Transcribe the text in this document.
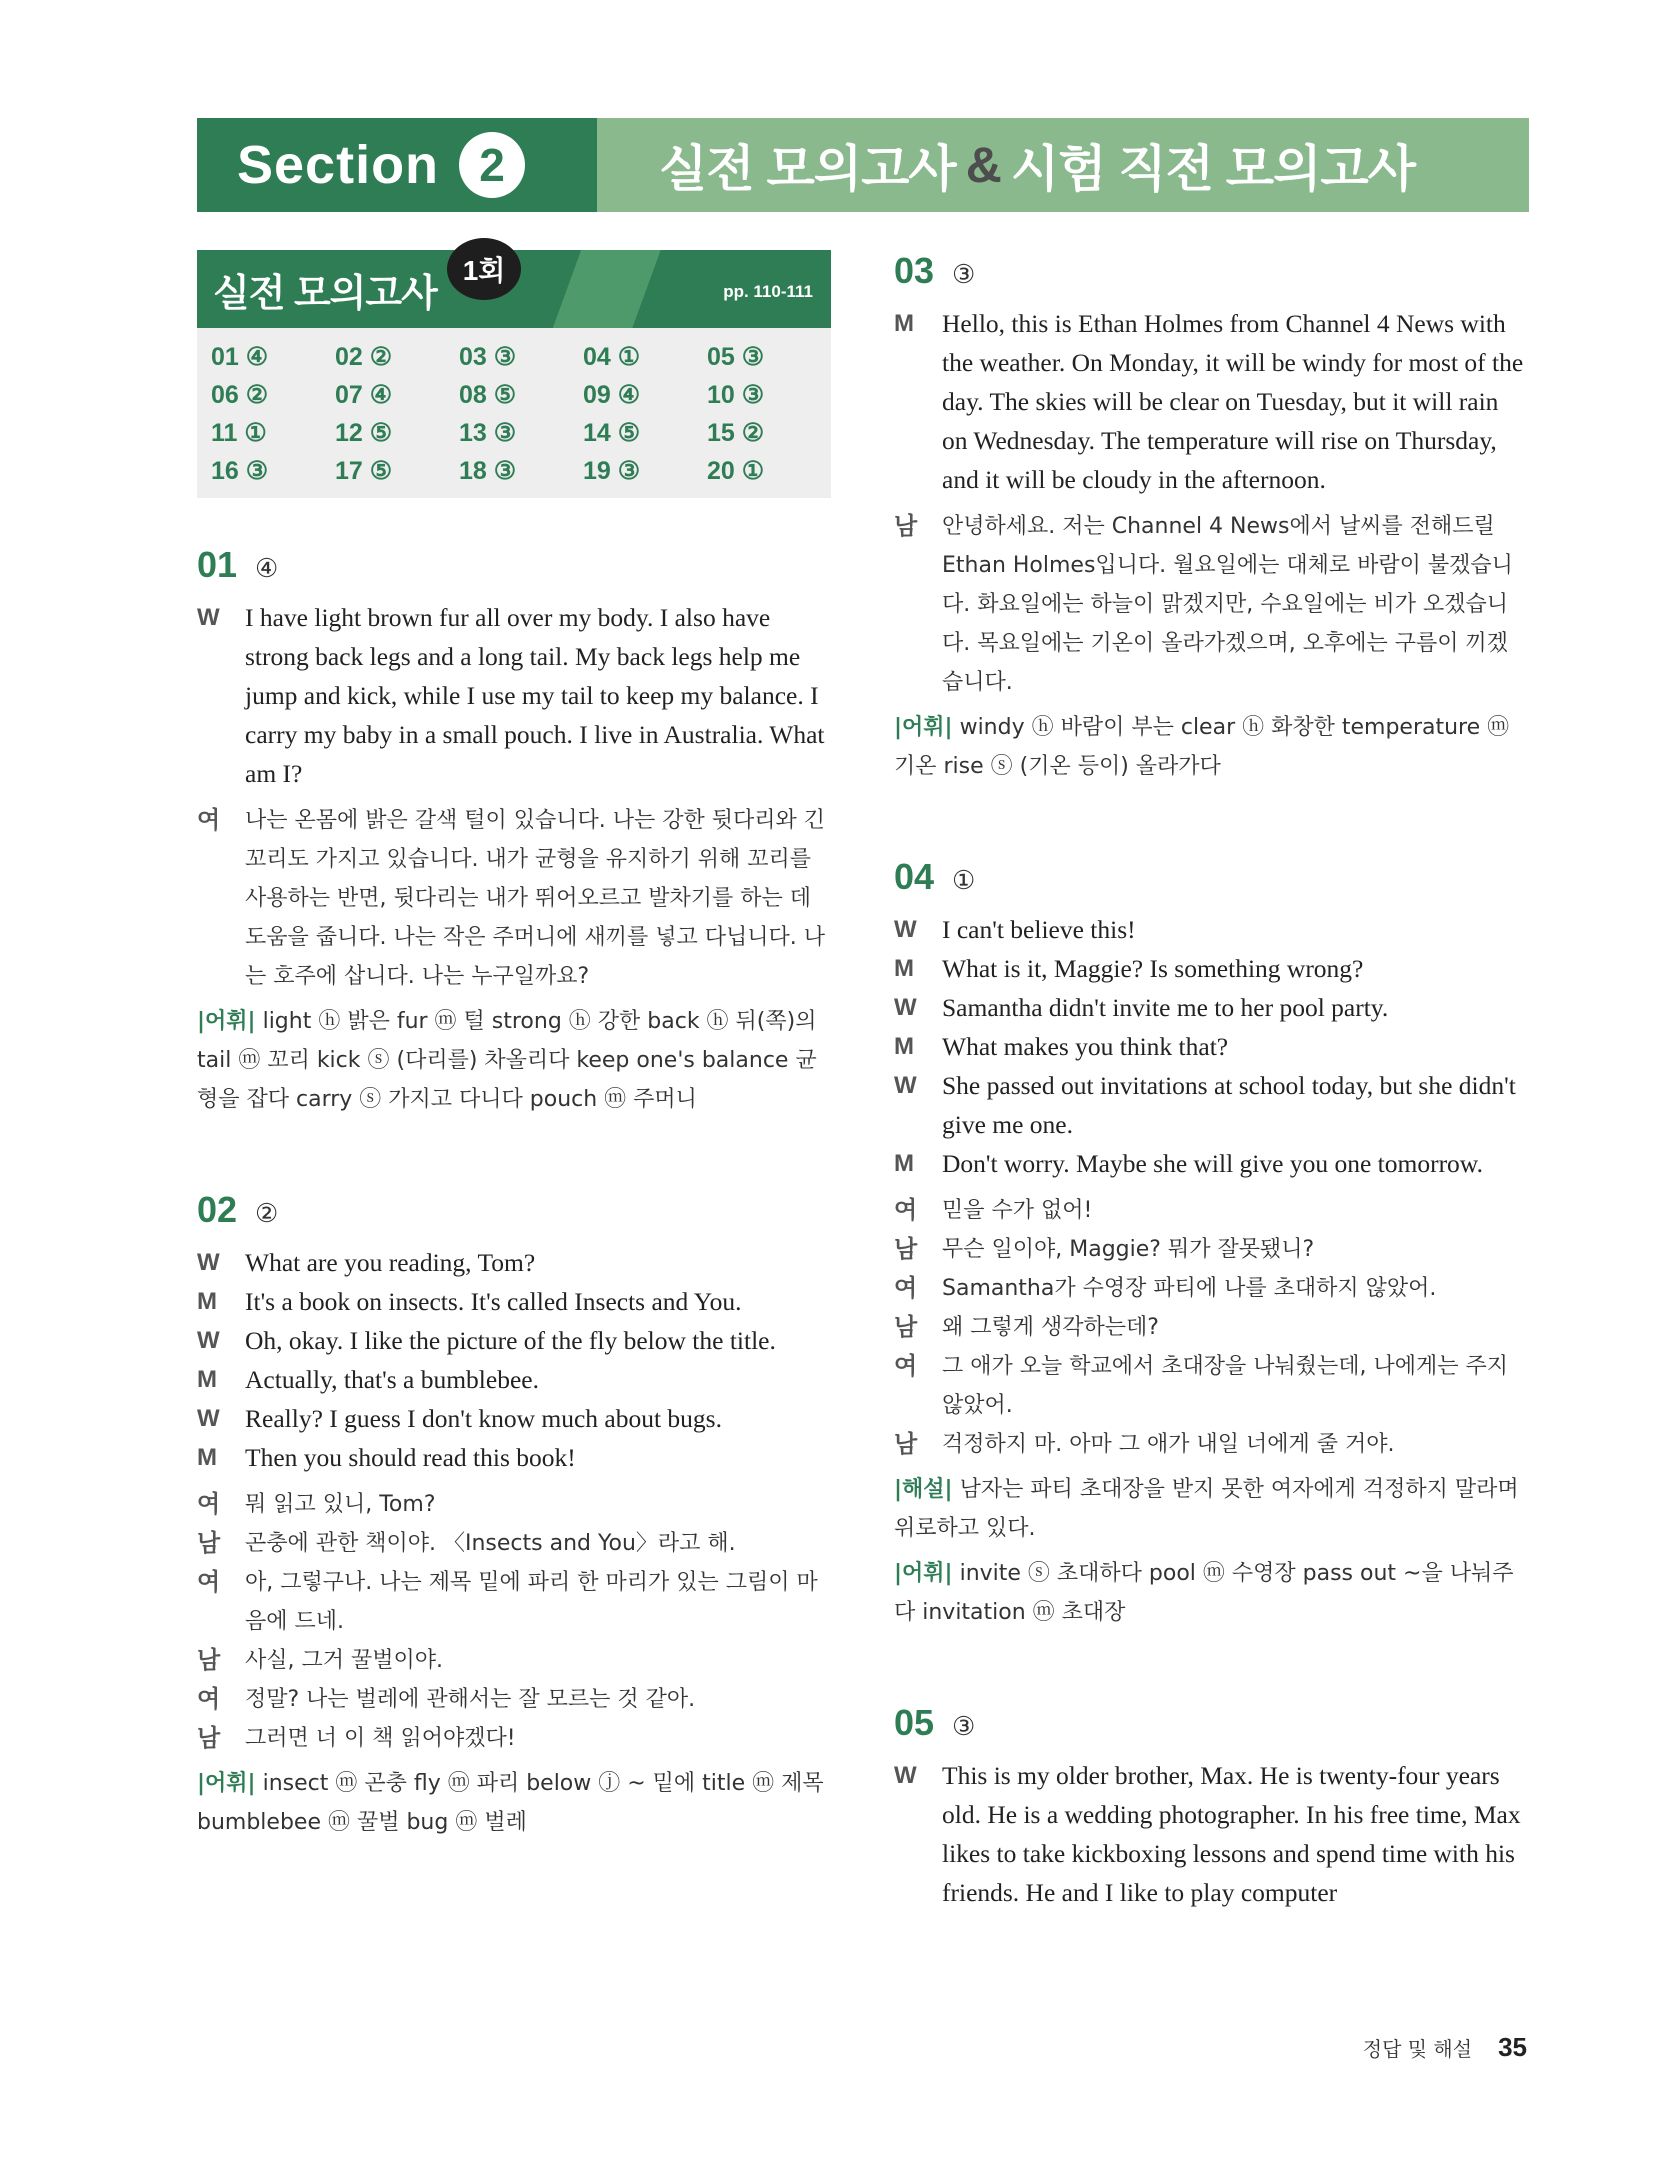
Section 2	실전 모의고사 & 시험 직전 모의고사
실전 모의고사
1회
pp. 110-111
01 ④	02 ②	03 ③	04 ①	05 ③
06 ②	07 ④	08 ⑤	09 ④	10 ③
11 ①	12 ⑤	13 ③	14 ⑤	15 ②
16 ③	17 ⑤	18 ③	19 ③	20 ①
01 ④
W I have light brown fur all over my body. I also have strong back legs and a long tail. My back legs help me jump and kick, while I use my tail to keep my balance. I carry my baby in a small pouch. I live in Australia. What am I?
여	나는 온몸에 밝은 갈색 털이 있습니다. 나는 강한 뒷다리와 긴 꼬리도 가지고 있습니다. 내가 균형을 유지하기 위해 꼬리를 사용하는 반면, 뒷다리는 내가 뛰어오르고 발차기를 하는 데 도움을 줍니다. 나는 작은 주머니에 새끼를 넣고 다닙니다. 나는 호주에 삽니다. 나는 누구일까요?
|어휘| light ⓗ 밝은 fur ⓜ 털 strong ⓗ 강한 back ⓗ 뒤(쪽)의 tail ⓜ 꼬리 kick ⓢ (다리를) 차올리다 keep one's balance 균형을 잡다 carry ⓢ 가지고 다니다 pouch ⓜ 주머니
02 ②
W What are you reading, Tom?
M	It's a book on insects. It's called Insects and You.
W Oh, okay. I like the picture of the fly below the title.
M	Actually, that's a bumblebee.
W Really? I guess I don't know much about bugs.
M	Then you should read this book!
여	뭐 읽고 있니, Tom?
남	곤충에 관한 책이야. 〈Insects and You〉라고 해.
여	아, 그렇구나. 나는 제목 밑에 파리 한 마리가 있는 그림이 마음에 드네.
남	사실, 그거 꿀벌이야.
여	정말? 나는 벌레에 관해서는 잘 모르는 것 같아.
남	그러면 너 이 책 읽어야겠다!
|어휘| insect ⓜ 곤충 fly ⓜ 파리 below ⓙ ~ 밑에 title ⓜ 제목 bumblebee ⓜ 꿀벌 bug ⓜ 벌레
03 ③
M	Hello, this is Ethan Holmes from Channel 4 News with the weather. On Monday, it will be windy for most of the day. The skies will be clear on Tuesday, but it will rain on Wednesday. The temperature will rise on Thursday, and it will be cloudy in the afternoon.
남	안녕하세요. 저는 Channel 4 News에서 날씨를 전해드릴 Ethan Holmes입니다. 월요일에는 대체로 바람이 불겠습니다. 화요일에는 하늘이 맑겠지만, 수요일에는 비가 오겠습니다. 목요일에는 기온이 올라가겠으며, 오후에는 구름이 끼겠습니다.
|어휘| windy ⓗ 바람이 부는 clear ⓗ 화창한 temperature ⓜ 기온 rise ⓢ (기온 등이) 올라가다
04 ①
W I can't believe this!
M	What is it, Maggie? Is something wrong?
W Samantha didn't invite me to her pool party.
M	What makes you think that?
W She passed out invitations at school today, but she didn't give me one.
M	Don't worry. Maybe she will give you one tomorrow.
여	믿을 수가 없어!
남	무슨 일이야, Maggie? 뭐가 잘못됐니?
여	Samantha가 수영장 파티에 나를 초대하지 않았어.
남	왜 그렇게 생각하는데?
여	그 애가 오늘 학교에서 초대장을 나눠줬는데, 나에게는 주지 않았어.
남	걱정하지 마. 아마 그 애가 내일 너에게 줄 거야.
|해설| 남자는 파티 초대장을 받지 못한 여자에게 걱정하지 말라며 위로하고 있다.
|어휘| invite ⓢ 초대하다 pool ⓜ 수영장 pass out ~을 나눠주다 invitation ⓜ 초대장
05 ③
W This is my older brother, Max. He is twenty-four years old. He is a wedding photographer. In his free time, Max likes to take kickboxing lessons and spend time with his friends. He and I like to play computer
정답 및 해설 35
